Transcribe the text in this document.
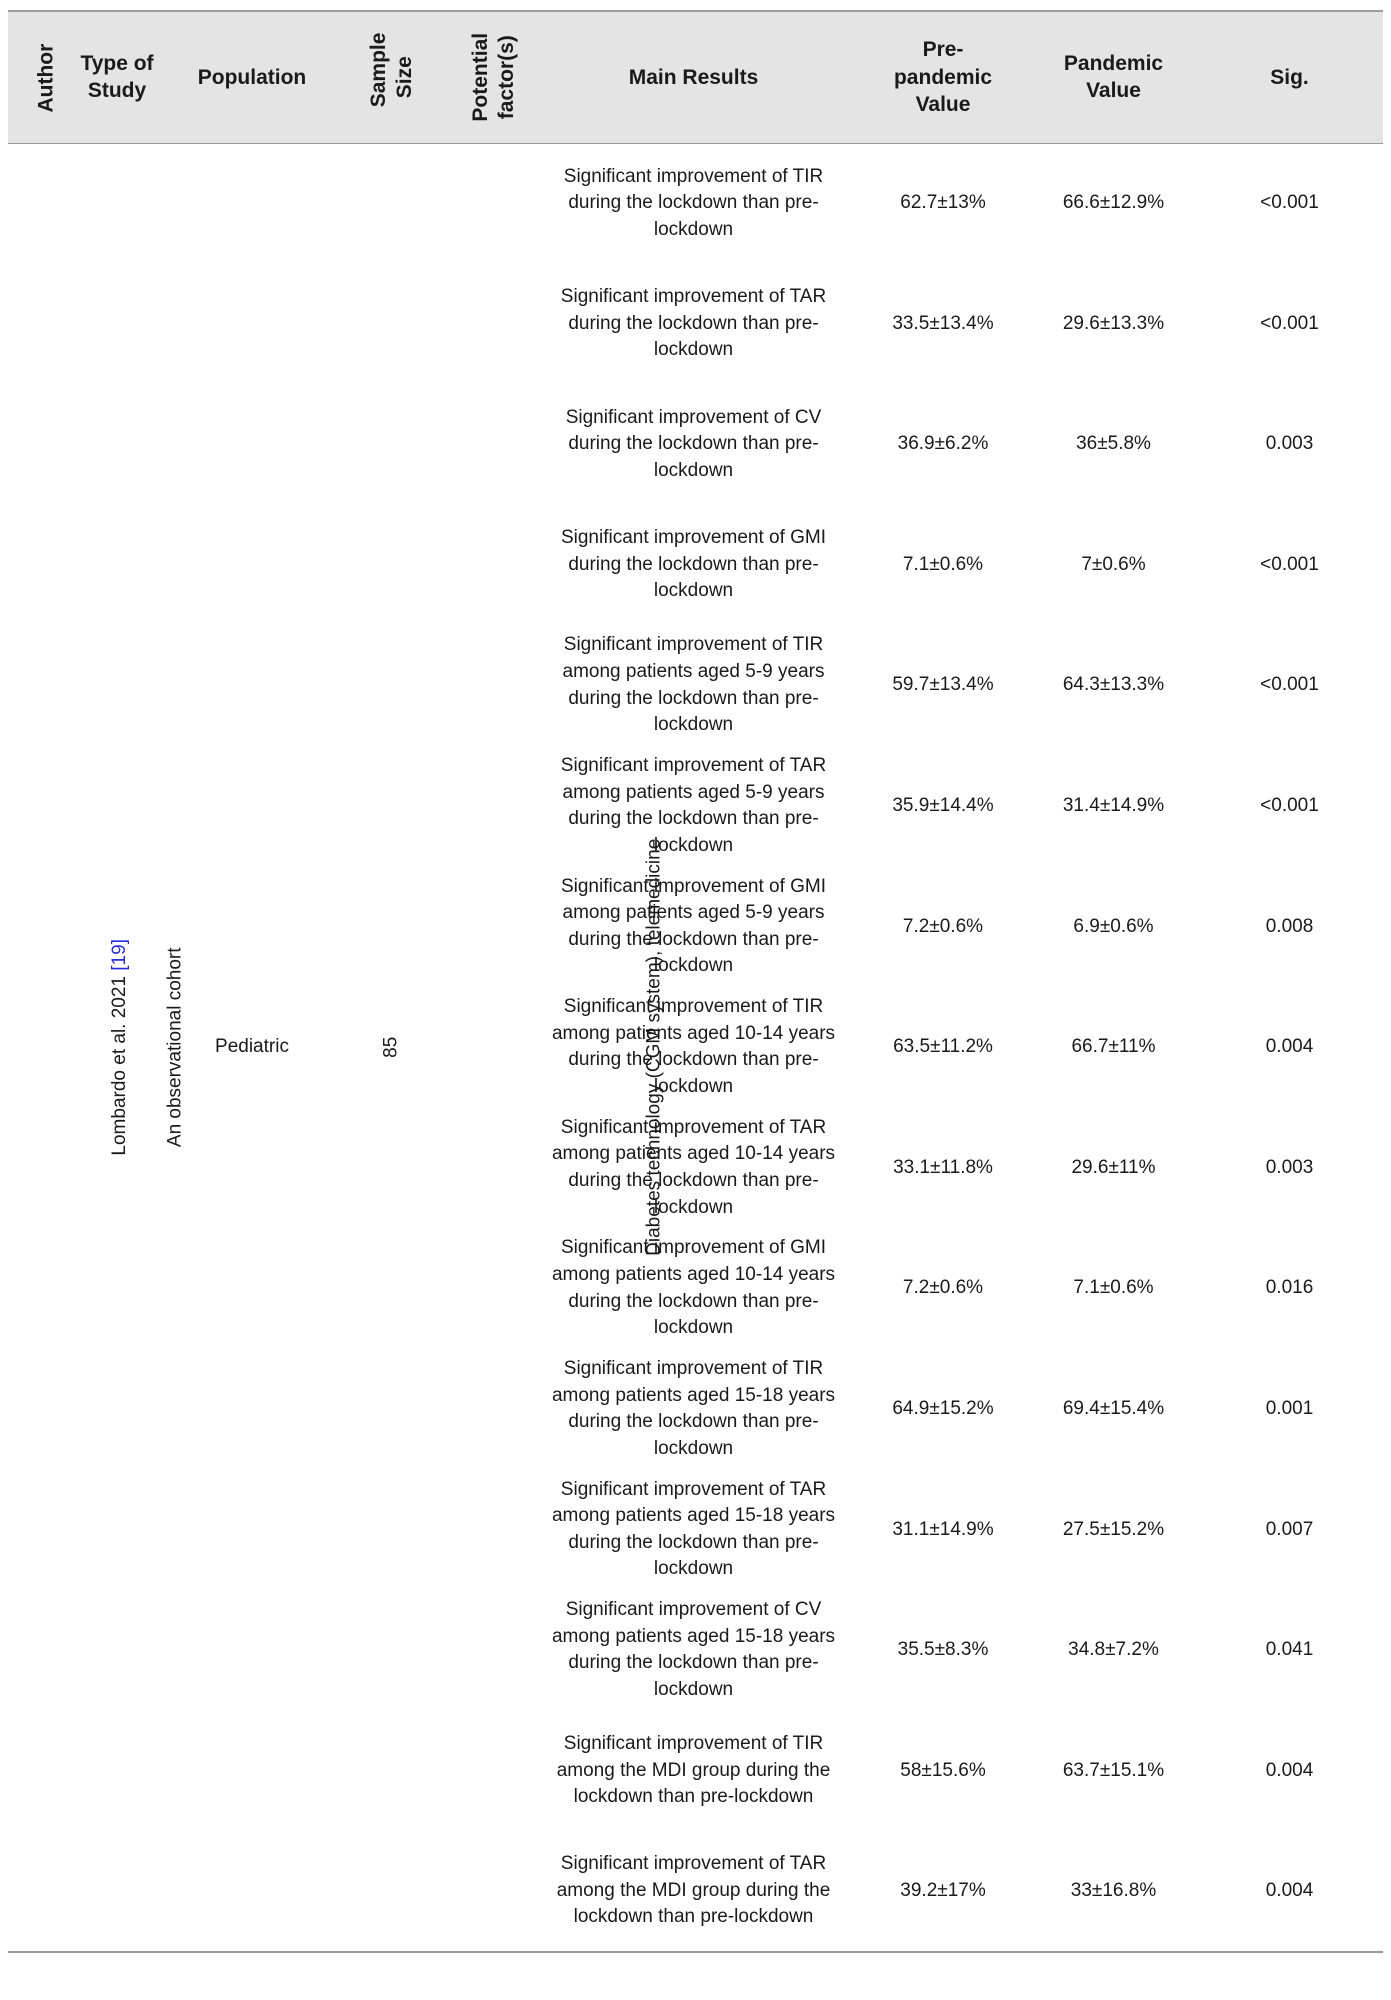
Author	Type of Study	Population	Sample Size	Potential factor(s)	Main Results	Pre-pandemic Value	Pandemic Value	Sig.
Lombardo et al. 2021 [19]	An observational cohort	Pediatric	85	Diabetes technology (CGM system), telemedicine	Significant improvement of TIR during the lockdown than pre-lockdown	62.7±13%	66.6±12.9%	<0.001
					Significant improvement of TAR during the lockdown than pre-lockdown	33.5±13.4%	29.6±13.3%	<0.001
					Significant improvement of CV during the lockdown than pre-lockdown	36.9±6.2%	36±5.8%	0.003
					Significant improvement of GMI during the lockdown than pre-lockdown	7.1±0.6%	7±0.6%	<0.001
					Significant improvement of TIR among patients aged 5-9 years during the lockdown than pre-lockdown	59.7±13.4%	64.3±13.3%	<0.001
					Significant improvement of TAR among patients aged 5-9 years during the lockdown than pre-lockdown	35.9±14.4%	31.4±14.9%	<0.001
					Significant improvement of GMI among patients aged 5-9 years during the lockdown than pre-lockdown	7.2±0.6%	6.9±0.6%	0.008
					Significant improvement of TIR among patients aged 10-14 years during the lockdown than pre-lockdown	63.5±11.2%	66.7±11%	0.004
					Significant improvement of TAR among patients aged 10-14 years during the lockdown than pre-lockdown	33.1±11.8%	29.6±11%	0.003
					Significant improvement of GMI among patients aged 10-14 years during the lockdown than pre-lockdown	7.2±0.6%	7.1±0.6%	0.016
					Significant improvement of TIR among patients aged 15-18 years during the lockdown than pre-lockdown	64.9±15.2%	69.4±15.4%	0.001
					Significant improvement of TAR among patients aged 15-18 years during the lockdown than pre-lockdown	31.1±14.9%	27.5±15.2%	0.007
					Significant improvement of CV among patients aged 15-18 years during the lockdown than pre-lockdown	35.5±8.3%	34.8±7.2%	0.041
					Significant improvement of TIR among the MDI group during the lockdown than pre-lockdown	58±15.6%	63.7±15.1%	0.004
					Significant improvement of TAR among the MDI group during the lockdown than pre-lockdown	39.2±17%	33±16.8%	0.004
